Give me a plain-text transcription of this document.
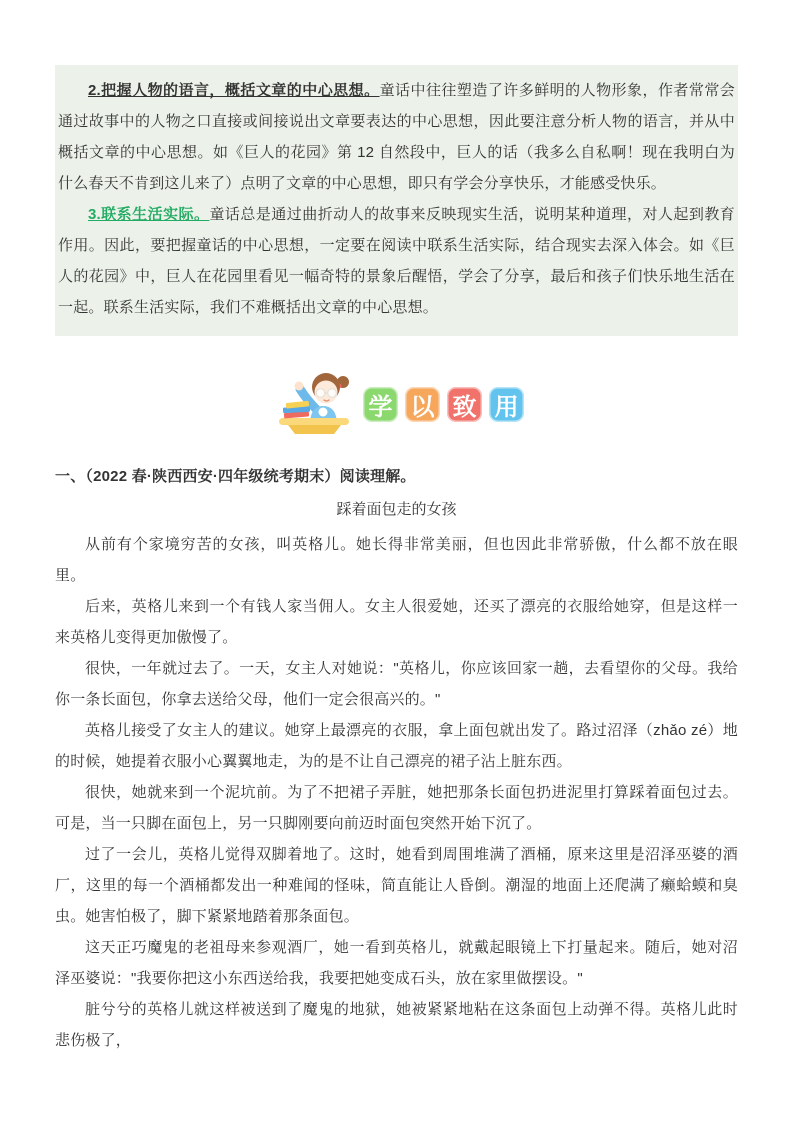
2.把握人物的语言，概括文章的中心思想。童话中往往塑造了许多鲜明的人物形象，作者常常会通过故事中的人物之口直接或间接说出文章要表达的中心思想，因此要注意分析人物的语言，并从中概括文章的中心思想。如《巨人的花园》第 12 自然段中，巨人的话（我多么自私啊！现在我明白为什么春天不肯到这儿来了）点明了文章的中心思想，即只有学会分享快乐，才能感受快乐。

3.联系生活实际。童话总是通过曲折动人的故事来反映现实生活，说明某种道理，对人起到教育作用。因此，要把握童话的中心思想，一定要在阅读中联系生活实际，结合现实去深入体会。如《巨人的花园》中，巨人在花园里看见一幅奇特的景象后醒悟，学会了分享，最后和孩子们快乐地生活在一起。联系生活实际，我们不难概括出文章的中心思想。

学 以 致 用
一、（2022 春·陕西西安·四年级统考期末）阅读理解。
踩着面包走的女孩

从前有个家境穷苦的女孩，叫英格儿。她长得非常美丽，但也因此非常骄傲，什么都不放在眼里。

后来，英格儿来到一个有钱人家当佣人。女主人很爱她，还买了漂亮的衣服给她穿，但是这样一来英格儿变得更加傲慢了。

很快，一年就过去了。一天，女主人对她说："英格儿，你应该回家一趟，去看望你的父母。我给你一条长面包，你拿去送给父母，他们一定会很高兴的。"

英格儿接受了女主人的建议。她穿上最漂亮的衣服，拿上面包就出发了。路过沼泽（zhǎo zé）地的时候，她提着衣服小心翼翼地走，为的是不让自己漂亮的裙子沾上脏东西。

很快，她就来到一个泥坑前。为了不把裙子弄脏，她把那条长面包扔进泥里打算踩着面包过去。可是，当一只脚在面包上，另一只脚刚要向前迈时面包突然开始下沉了。

过了一会儿，英格儿觉得双脚着地了。这时，她看到周围堆满了酒桶，原来这里是沼泽巫婆的酒厂，这里的每一个酒桶都发出一种难闻的怪味，简直能让人昏倒。潮湿的地面上还爬满了癞蛤蟆和臭虫。她害怕极了，脚下紧紧地踏着那条面包。

这天正巧魔鬼的老祖母来参观酒厂，她一看到英格儿，就戴起眼镜上下打量起来。随后，她对沼泽巫婆说："我要你把这小东西送给我，我要把她变成石头，放在家里做摆设。"

脏兮兮的英格儿就这样被送到了魔鬼的地狱，她被紧紧地粘在这条面包上动弹不得。英格儿此时悲伤极了，
